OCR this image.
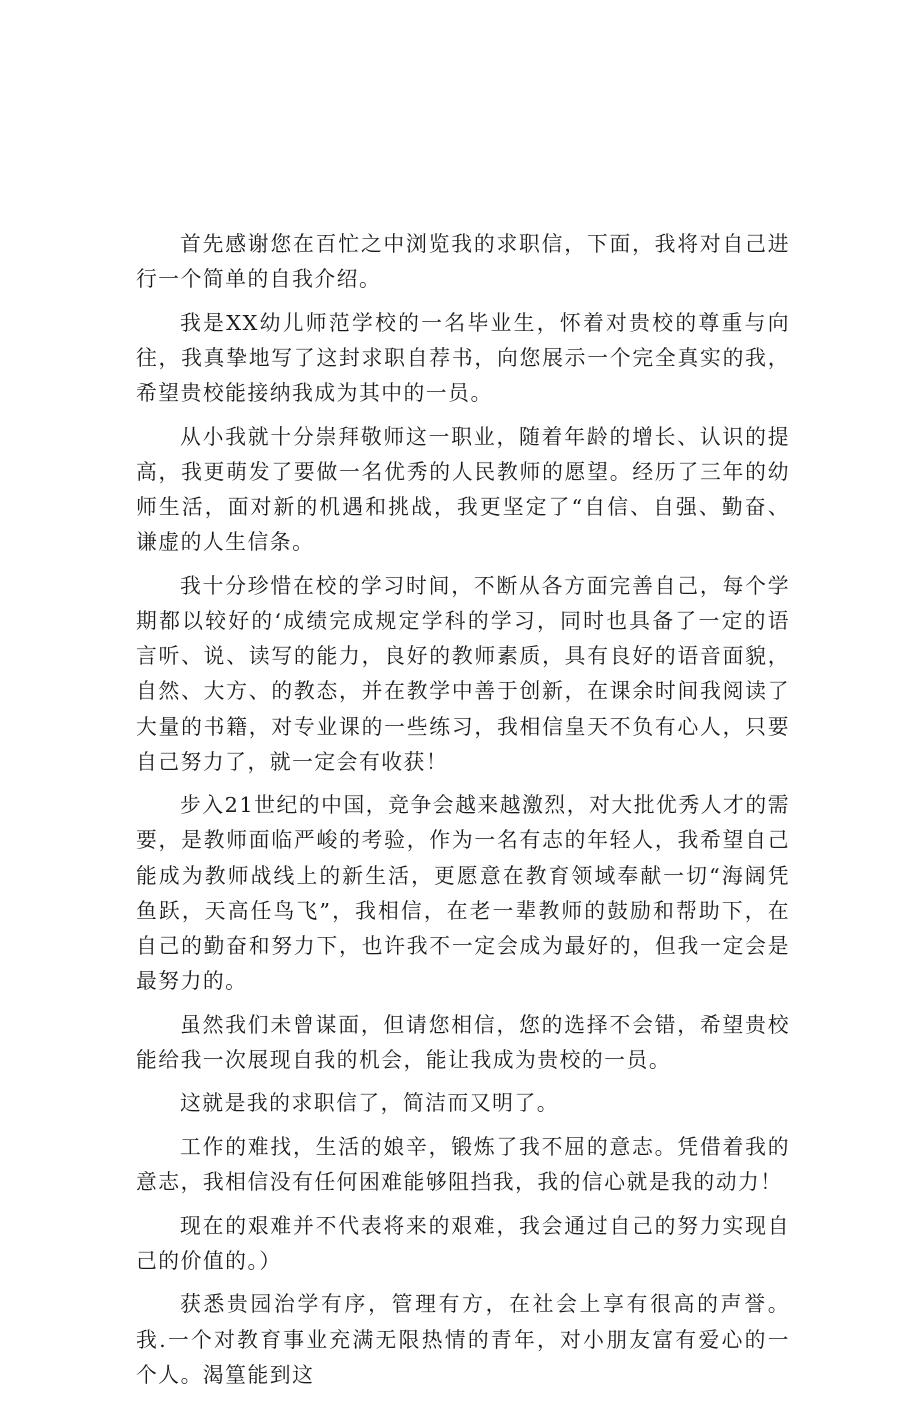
首先感谢您在百忙之中浏览我的求职信，下面，我将对自己进行一个简单的自我介绍。

我是XX幼儿师范学校的一名毕业生，怀着对贵校的尊重与向往，我真挚地写了这封求职自荐书，向您展示一个完全真实的我，希望贵校能接纳我成为其中的一员。

从小我就十分崇拜敬师这一职业，随着年龄的增长、认识的提高，我更萌发了要做一名优秀的人民教师的愿望。经历了三年的幼师生活，面对新的机遇和挑战，我更坚定了“自信、自强、勤奋、谦虚的人生信条。

我十分珍惜在校的学习时间，不断从各方面完善自己，每个学期都以较好的‘成绩完成规定学科的学习，同时也具备了一定的语言听、说、读写的能力，良好的教师素质，具有良好的语音面貌，自然、大方、的教态，并在教学中善于创新，在课余时间我阅读了大量的书籍，对专业课的一些练习，我相信皇天不负有心人，只要自己努力了，就一定会有收获！

步入21世纪的中国，竞争会越来越激烈，对大批优秀人才的需要，是教师面临严峻的考验，作为一名有志的年轻人，我希望自己能成为教师战线上的新生活，更愿意在教育领域奉献一切“海阔凭鱼跃，天高任鸟飞”，我相信，在老一辈教师的鼓励和帮助下，在自己的勤奋和努力下，也许我不一定会成为最好的，但我一定会是最努力的。

虽然我们未曾谋面，但请您相信，您的选择不会错，希望贵校能给我一次展现自我的机会，能让我成为贵校的一员。

这就是我的求职信了，简洁而又明了。

工作的难找，生活的娘辛，锻炼了我不屈的意志。凭借着我的意志，我相信没有任何困难能够阻挡我，我的信心就是我的动力！

现在的艰难并不代表将来的艰难，我会通过自己的努力实现自己的价值的。）

获悉贵园治学有序，管理有方，在社会上享有很高的声誉。我.一个对教育事业充满无限热情的青年，对小朋友富有爱心的一个人。渴篁能到这
